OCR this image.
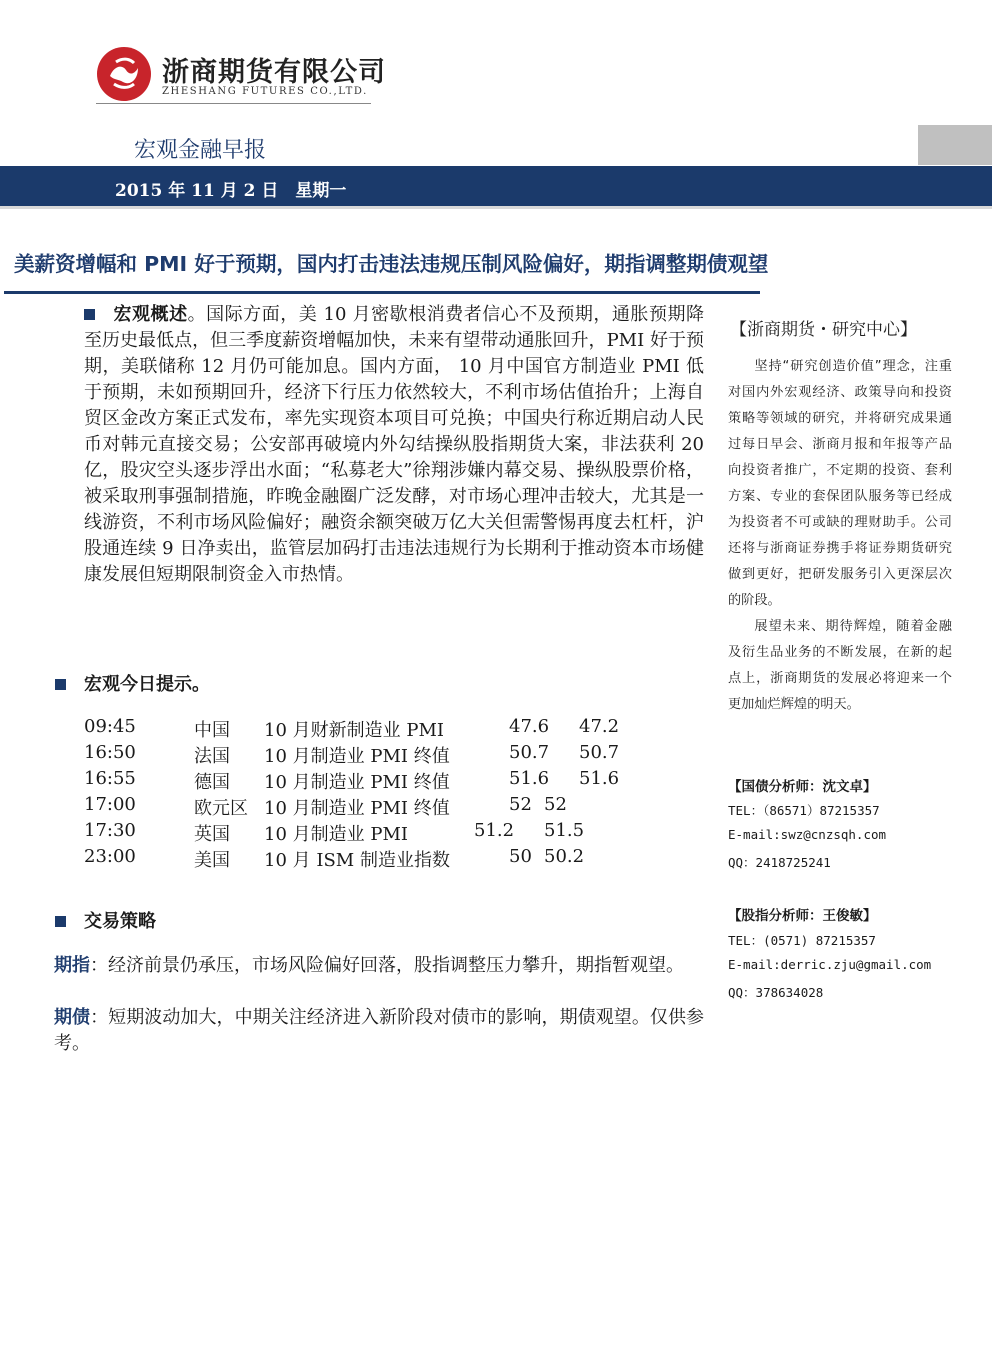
浙商期货有限公司
ZHESHANG FUTURES CO.,LTD.
宏观金融早报
2015 年 11 月 2 日　星期一
美薪资增幅和 PMI 好于预期，国内打击违法违规压制风险偏好，期指调整期债观望
宏观概述。国际方面，美 10 月密歇根消费者信心不及预期，通胀预期降至历史最低点，但三季度薪资增幅加快，未来有望带动通胀回升，PMI 好于预期，美联储称 12 月仍可能加息。国内方面， 10 月中国官方制造业 PMI 低于预期，未如预期回升，经济下行压力依然较大，不利市场估值抬升；上海自贸区金改方案正式发布，率先实现资本项目可兑换；中国央行称近期启动人民币对韩元直接交易；公安部再破境内外勾结操纵股指期货大案，非法获利 20 亿，股灾空头逐步浮出水面；“私募老大”徐翔涉嫌内幕交易、操纵股票价格，被采取刑事强制措施，昨晚金融圈广泛发酵，对市场心理冲击较大，尤其是一线游资，不利市场风险偏好；融资余额突破万亿大关但需警惕再度去杠杆，沪股通连续 9 日净卖出，监管层加码打击违法违规行为长期利于推动资本市场健康发展但短期限制资金入市热情。
宏观今日提示。
09:45	中国 10 月财新制造业 PMI	47.6 47.2
16:50	法国 10 月制造业 PMI 终值	50.7 50.7
16:55	德国 10 月制造业 PMI 终值	51.6 51.6
17:00	欧元区 10 月制造业 PMI 终值	52 52
17:30	英国 10 月制造业 PMI	51.2 51.5
23:00	美国 10 月 ISM 制造业指数	50 50.2
交易策略
期指：经济前景仍承压，市场风险偏好回落，股指调整压力攀升，期指暂观望。
期债：短期波动加大，中期关注经济进入新阶段对债市的影响，期债观望。仅供参考。
【浙商期货・研究中心】
坚持“研究创造价值”理念，注重对国内外宏观经济、政策导向和投资策略等领域的研究，并将研究成果通过每日早会、浙商月报和年报等产品向投资者推广，不定期的投资、套利方案、专业的套保团队服务等已经成为投资者不可或缺的理财助手。公司还将与浙商证券携手将证券期货研究做到更好，把研发服务引入更深层次的阶段。
展望未来、期待辉煌，随着金融及衍生品业务的不断发展，在新的起点上，浙商期货的发展必将迎来一个更加灿烂辉煌的明天。
【国债分析师：沈文卓】
TEL：（86571）87215357
E-mail:swz@cnzsqh.com
QQ：2418725241
【股指分析师：王俊敏】
TEL：(0571) 87215357
E-mail:derric.zju@gmail.com
QQ：378634028
